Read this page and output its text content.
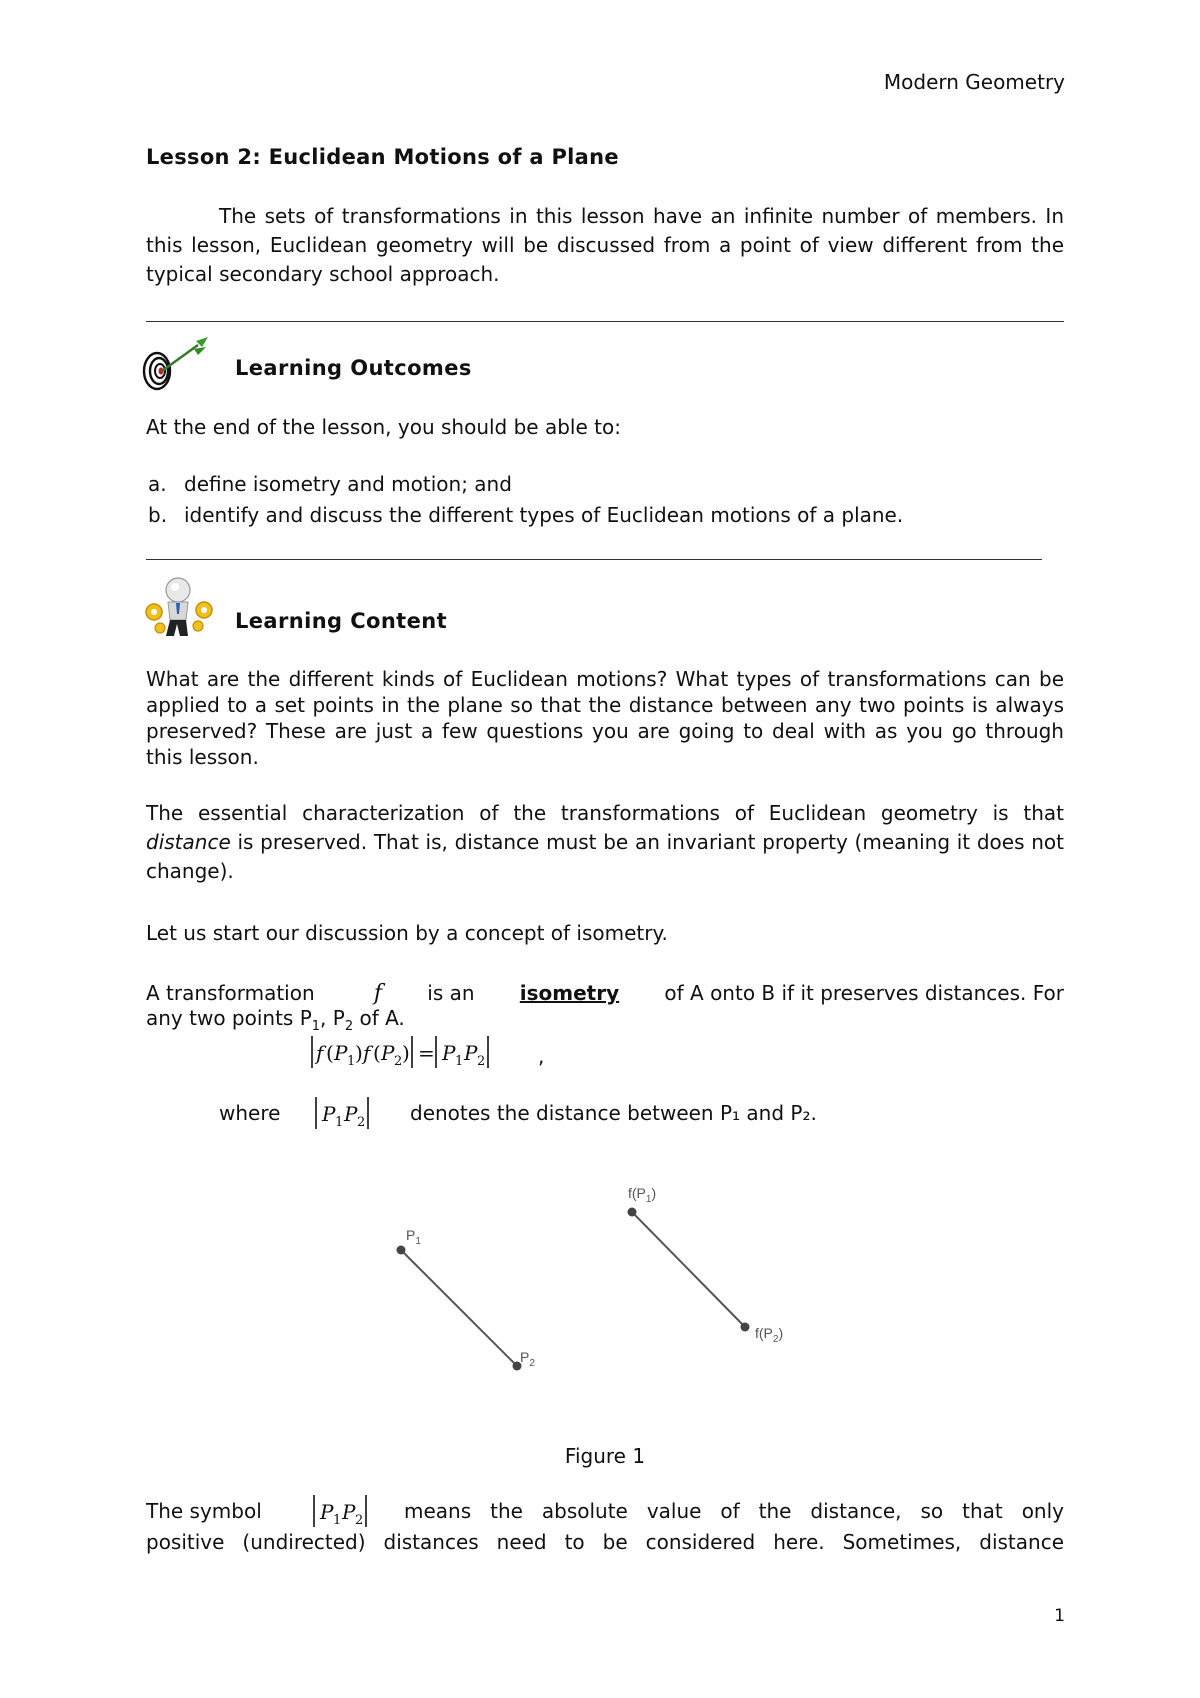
Modern Geometry
Lesson 2: Euclidean Motions of a Plane
The sets of transformations in this lesson have an infinite number of members. In this lesson, Euclidean geometry will be discussed from a point of view different from the typical secondary school approach.
Learning Outcomes
At the end of the lesson, you should be able to:
a. define isometry and motion; and
b. identify and discuss the different types of Euclidean motions of a plane.
Learning Content
What are the different kinds of Euclidean motions? What types of transformations can be applied to a set points in the plane so that the distance between any two points is always preserved? These are just a few questions you are going to deal with as you go through this lesson.
The essential characterization of the transformations of Euclidean geometry is that distance is preserved. That is, distance must be an invariant property (meaning it does not change).
Let us start our discussion by a concept of isometry.
A transformation	f is an isometry of A onto B if it preserves distances. For
any two points $P_1$, $P_2$ of A.
f ( P 1 ) f ( P 2 ) = P 1 P 2	,
where P 1 P 2 denotes the distance between P₁ and P₂.
$P_1$
$P_2$
$f(P_1)$
$f(P_2)$
Figure 1
The symbol	P 1 P 2 means the absolute value of the distance, so that only
positive (undirected) distances need to be considered here. Sometimes, distance
1
